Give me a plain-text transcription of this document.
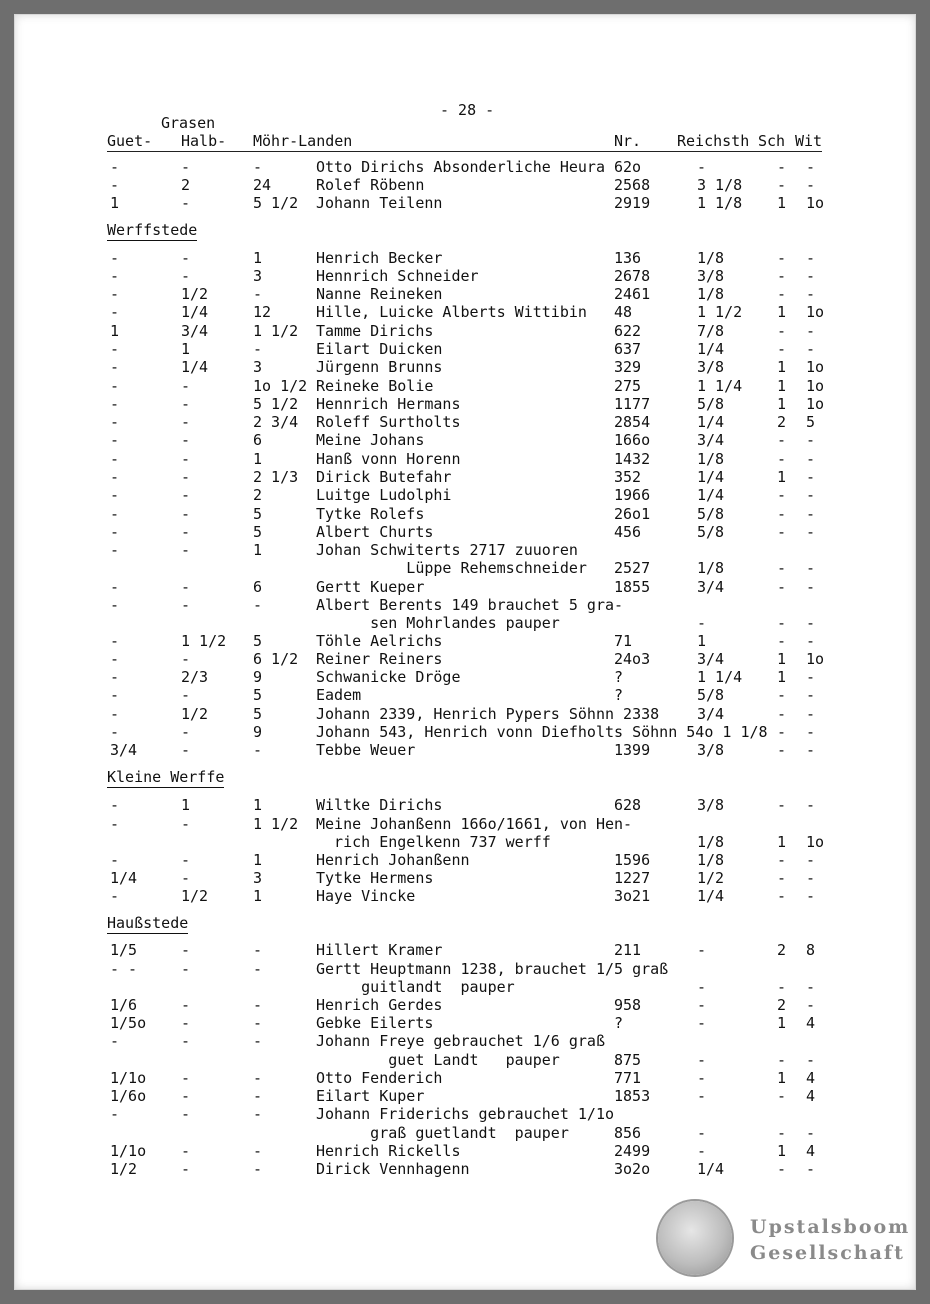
- 28 -
Grasen
Guet- Halb- Möhr-Landen	Nr. Reichsth Sch Wit
Werffstede
Kleine Werffe
Haußstede
-	-	-	Otto Dirichs Absonderliche Heura 62o	-	- -
-	2	24	Rolef Röbenn	2568	3 1/8 - -
1	-	5 1/2 Johann Teilenn	2919	1 1/8 1 1o
-	-	1	Henrich Becker	136	1/8	- -
-	-	3	Hennrich Schneider	2678	3/8	- -
-	1/2	-	Nanne Reineken	2461	1/8	- -
-	1/4	12	Hille, Luicke Alberts Wittibin 48	1 1/2 1 1o
1	3/4	1 1/2 Tamme Dirichs	622	7/8	- -
-	1	-	Eilart Duicken	637	1/4	- -
-	1/4	3	Jürgenn Brunns	329	3/8	1 1o
-	-	1o 1/2 Reineke Bolie	275	1 1/4 1 1o
-	-	5 1/2 Hennrich Hermans	1177	5/8	1 1o
-	-	2 3/4 Roleff Surtholts	2854	1/4	2 5
-	-	6	Meine Johans	166o	3/4	- -
-	-	1	Hanß vonn Horenn	1432	1/8	- -
-	-	2 1/3 Dirick Butefahr	352	1/4	1 -
-	-	2	Luitge Ludolphi	1966	1/4	- -
-	-	5	Tytke Rolefs	26o1	5/8	- -
-	-	5	Albert Churts	456	5/8	- -
-	-	1	Johan Schwiterts 2717 zuuoren
Lüppe Rehemschneider 2527	1/8	- -
-	-	6	Gertt Kueper	1855	3/4	- -
-	-	-	Albert Berents 149 brauchet 5 gra-
sen Mohrlandes pauper	-	- -
-	1 1/2 5	Töhle Aelrichs	71	1	- -
-	-	6 1/2 Reiner Reiners	24o3	3/4	1 1o
-	2/3	9	Schwanicke Dröge	?	1 1/4 1 -
-	-	5	Eadem	?	5/8	- -
-	1/2	5	Johann 2339, Henrich Pypers Söhnn 2338	3/4	- -
-	-	9	Johann 543, Henrich vonn Diefholts Söhnn 54o 1 1/8 - -
3/4	-	-	Tebbe Weuer	1399	3/8	- -
-	1	1	Wiltke Dirichs	628	3/8	- -
-	-	1 1/2 Meine Johanßenn 166o/1661, von Hen-
rich Engelkenn 737 werff	1/8	1 1o
-	-	1	Henrich Johanßenn	1596	1/8	- -
1/4	-	3	Tytke Hermens	1227	1/2	- -
-	1/2	1	Haye Vincke	3o21	1/4	- -
1/5	-	-	Hillert Kramer	211	-	2 8
- -	-	-	Gertt Heuptmann 1238, brauchet 1/5 graß
guitlandt  pauper	-	- -
1/6	-	-	Henrich Gerdes	958	-	2 -
1/5o -	-	Gebke Eilerts	?	-	1 4
-	-	-	Johann Freye gebrauchet 1/6 graß
guet Landt   pauper	875	-	- -
1/1o -	-	Otto Fenderich	771	-	1 4
1/6o -	-	Eilart Kuper	1853	-	- 4
-	-	-	Johann Friderichs gebrauchet 1/1o
graß guetlandt  pauper	856	-	- -
1/1o -	-	Henrich Rickells	2499	-	1 4
1/2	-	-	Dirick Vennhagenn	3o2o	1/4	- -
Upstalsboom
Gesellschaft
